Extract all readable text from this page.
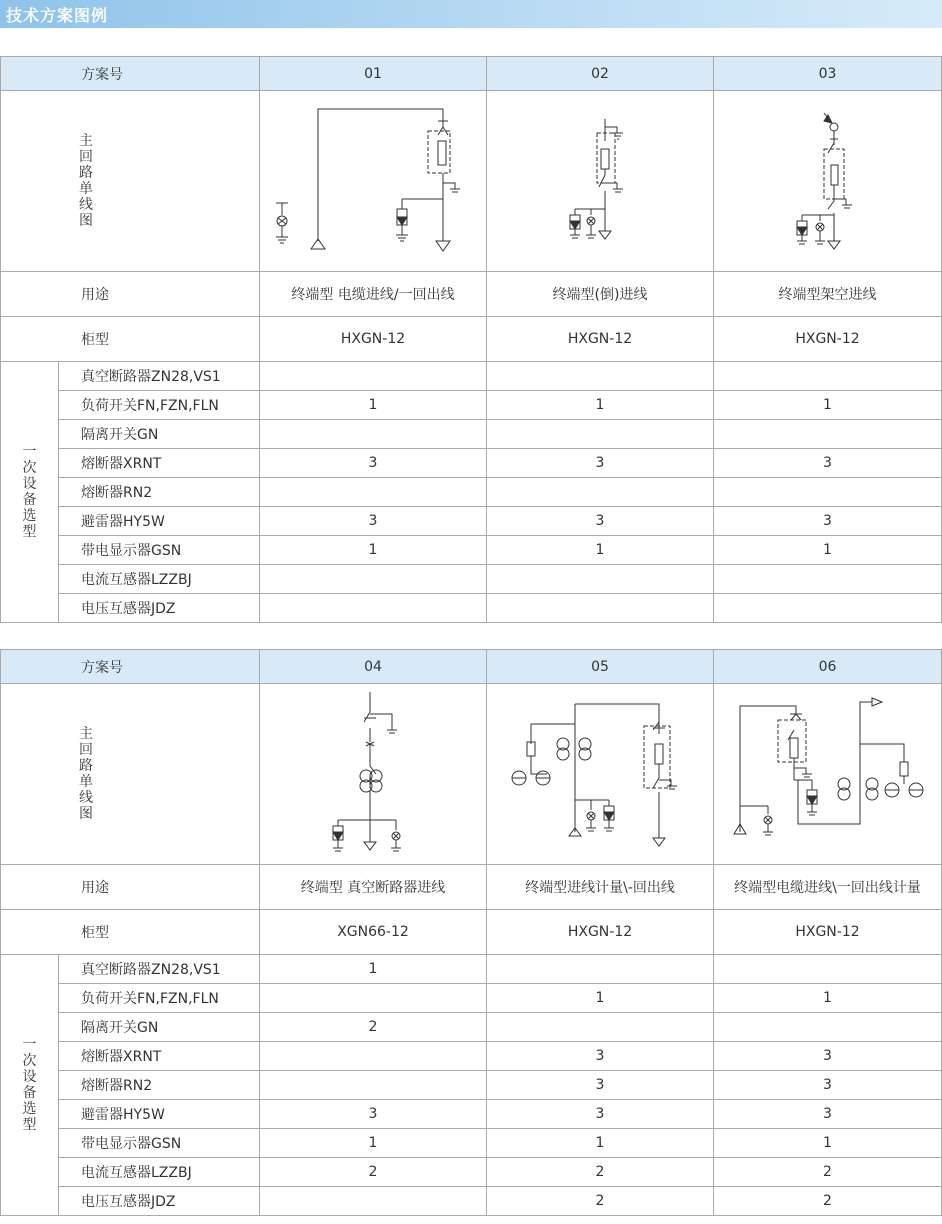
技术方案图例
方案号		01	02	03
主回路单线图	

用途		终端型 电缆进线/一回出线	终端型(倒)进线	终端型架空进线
柜型		HXGN-12	HXGN-12	HXGN-12
一次设备选型	真空断路器ZN28,VS1			
	负荷开关FN,FZN,FLN	1	1	1
	隔离开关GN			
	熔断器XRNT	3	3	3
	熔断器RN2			
	避雷器HY5W	3	3	3
	带电显示器GSN	1	1	1
	电流互感器LZZBJ			
	电压互感器JDZ			
方案号		04	05	06
主回路单线图	

用途		终端型 真空断路器进线	终端型进线计量\-回出线	终端型电缆进线\一回出线计量
柜型		XGN66-12	HXGN-12	HXGN-12
一次设备选型	真空断路器ZN28,VS1	1		
	负荷开关FN,FZN,FLN		1	1
	隔离开关GN	2		
	熔断器XRNT		3	3
	熔断器RN2		3	3
	避雷器HY5W	3	3	3
	带电显示器GSN	1	1	1
	电流互感器LZZBJ	2	2	2
	电压互感器JDZ		2	2
